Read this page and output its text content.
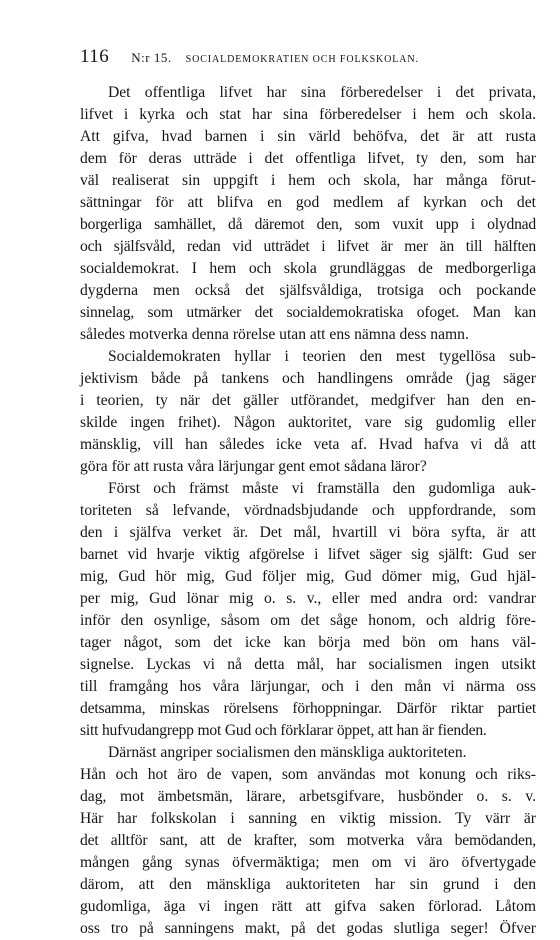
116 N:r 15. SOCIALDEMOKRATIEN OCH FOLKSKOLAN.
Det offentliga lifvet har sina förberedelser i det privata,
lifvet i kyrka och stat har sina förberedelser i hem och skola.
Att gifva, hvad barnen i sin värld behöfva, det är att rusta
dem för deras utträde i det offentliga lifvet, ty den, som har
väl realiserat sin uppgift i hem och skola, har många förut-
sättningar för att blifva en god medlem af kyrkan och det
borgerliga samhället, då däremot den, som vuxit upp i olydnad
och själfsvåld, redan vid utträdet i lifvet är mer än till hälften
socialdemokrat. I hem och skola grundläggas de medborgerliga
dygderna men också det själfsvåldiga, trotsiga och pockande
sinnelag, som utmärker det socialdemokratiska ofoget. Man kan
således motverka denna rörelse utan att ens nämna dess namn.
Socialdemokraten hyllar i teorien den mest tygellösa sub-
jektivism både på tankens och handlingens område (jag säger
i teorien, ty när det gäller utförandet, medgifver han den en-
skilde ingen frihet). Någon auktoritet, vare sig gudomlig eller
mänsklig, vill han således icke veta af. Hvad hafva vi då att
göra för att rusta våra lärjungar gent emot sådana läror?
Först och främst måste vi framställa den gudomliga auk-
toriteten så lefvande, vördnadsbjudande och uppfordrande, som
den i själfva verket är. Det mål, hvartill vi böra syfta, är att
barnet vid hvarje viktig afgörelse i lifvet säger sig själft: Gud ser
mig, Gud hör mig, Gud följer mig, Gud dömer mig, Gud hjäl-
per mig, Gud lönar mig o. s. v., eller med andra ord: vandrar
inför den osynlige, såsom om det såge honom, och aldrig före-
tager något, som det icke kan börja med bön om hans väl-
signelse. Lyckas vi nå detta mål, har socialismen ingen utsikt
till framgång hos våra lärjungar, och i den mån vi närma oss
detsamma, minskas rörelsens förhoppningar. Därför riktar partiet
sitt hufvudangrepp mot Gud och förklarar öppet, att han är fienden.
Därnäst angriper socialismen den mänskliga auktoriteten.
Hån och hot äro de vapen, som användas mot konung och riks-
dag, mot ämbetsmän, lärare, arbetsgifvare, husbönder o. s. v.
Här har folkskolan i sanning en viktig mission. Ty värr är
det alltför sant, att de krafter, som motverka våra bemödanden,
mången gång synas öfvermäktiga; men om vi äro öfvertygade
därom, att den mänskliga auktoriteten har sin grund i den
gudomliga, äga vi ingen rätt att gifva saken förlorad. Låtom
oss tro på sanningens makt, på det godas slutliga seger! Öfver
